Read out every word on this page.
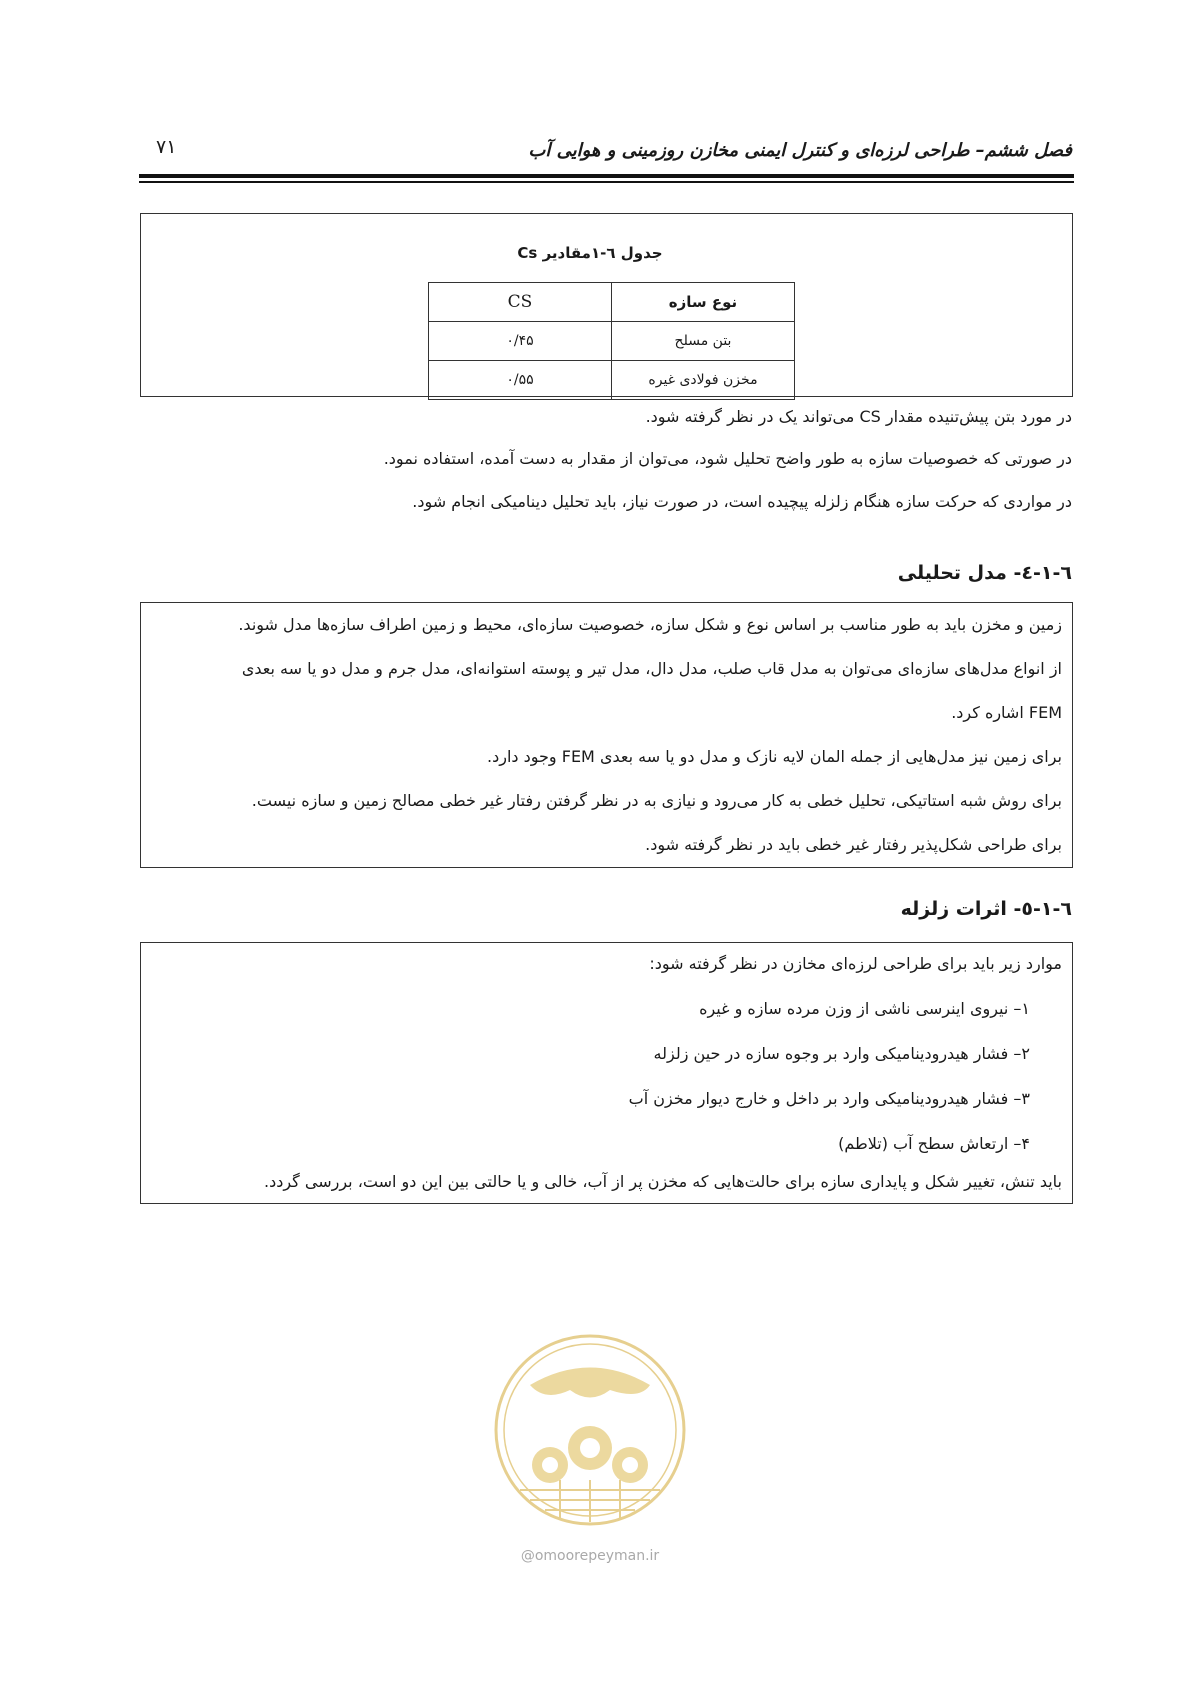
۷۱	فصل ششم– طراحی لرزه‌ای و کنترل ایمنی مخازن روزمینی و هوایی آب
جدول ٦-١مقادیر Cs
نوع سازه	CS
بتن مسلح	۰/۴۵
مخزن فولادی غیره	۰/۵۵
در مورد بتن پیش‌تنیده مقدار CS می‌تواند یک در نظر گرفته شود.
در صورتی که خصوصیات سازه به طور واضح تحلیل شود، می‌توان از مقدار به دست آمده، استفاده نمود.
در مواردی که حرکت سازه هنگام زلزله پیچیده است، در صورت نیاز، باید تحلیل دینامیکی انجام شود.
٦-١-٤- مدل تحلیلی
زمین و مخزن باید به طور مناسب بر اساس نوع و شکل سازه، خصوصیت سازه‌ای، محیط و زمین اطراف سازه‌ها مدل شوند.
از انواع مدل‌های سازه‌ای می‌توان به مدل قاب صلب، مدل دال، مدل تیر و پوسته استوانه‌ای، مدل جرم و مدل دو یا سه بعدی
FEM اشاره کرد.
برای زمین نیز مدل‌هایی از جمله المان لایه نازک و مدل دو یا سه بعدی FEM وجود دارد.
برای روش شبه استاتیکی، تحلیل خطی به کار می‌رود و نیازی به در نظر گرفتن رفتار غیر خطی مصالح زمین و سازه نیست.
برای طراحی شکل‌پذیر رفتار غیر خطی باید در نظر گرفته شود.
٦-١-٥- اثرات زلزله
موارد زیر باید برای طراحی لرزه‌ای مخازن در نظر گرفته شود:
۱– نیروی اینرسی ناشی از وزن مرده سازه و غیره
۲– فشار هیدرودینامیکی وارد بر وجوه سازه در حین زلزله
۳– فشار هیدرودینامیکی وارد بر داخل و خارج دیوار مخزن آب
۴– ارتعاش سطح آب (تلاطم)
باید تنش، تغییر شکل و پایداری سازه برای حالت‌هایی که مخزن پر از آب، خالی و یا حالتی بین این دو است، بررسی گردد.
@omoorepeyman.ir
